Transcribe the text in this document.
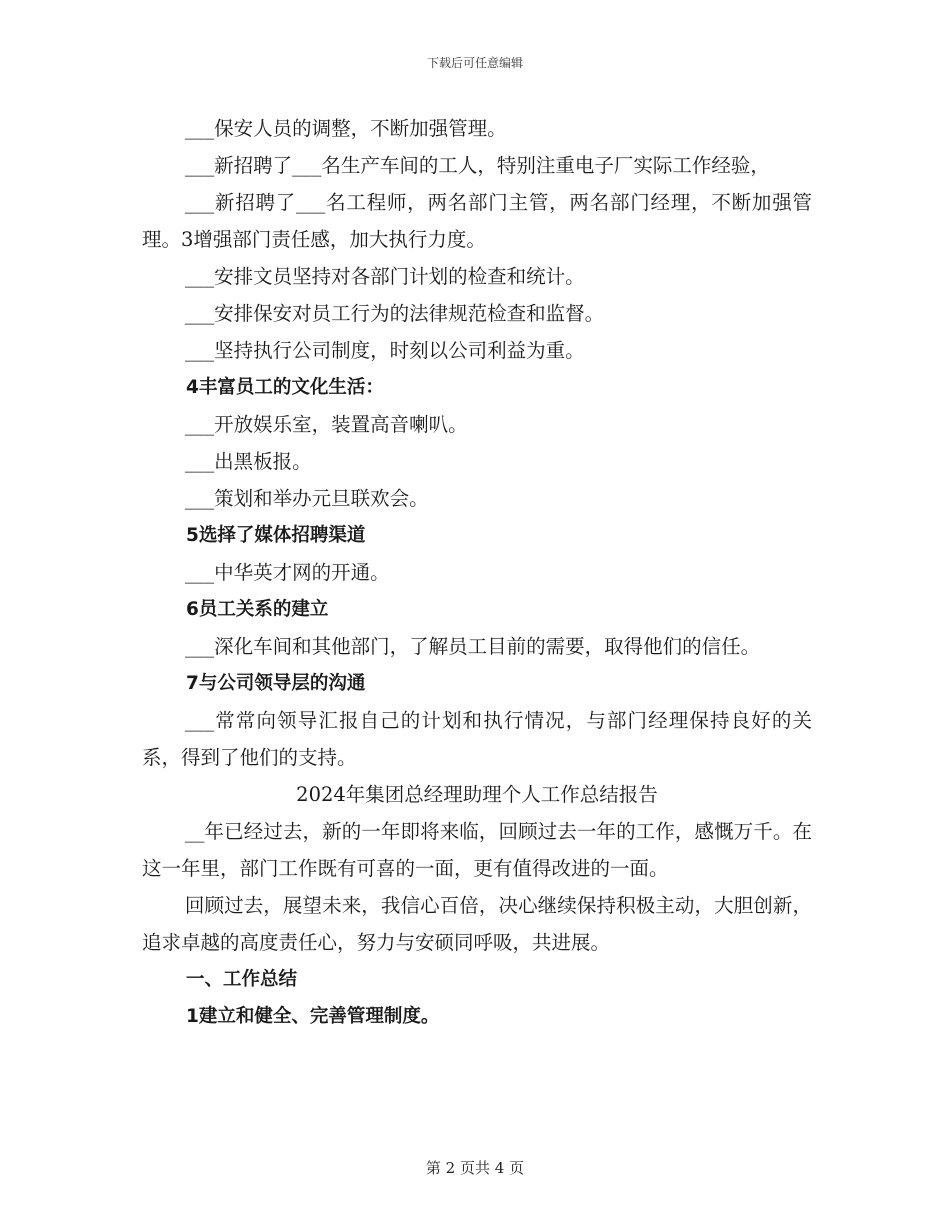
下载后可任意编辑

___保安人员的调整，不断加强管理。

___新招聘了___名生产车间的工人，特别注重电子厂实际工作经验，

___新招聘了___名工程师，两名部门主管，两名部门经理，不断加强管理。3增强部门责任感，加大执行力度。

___安排文员坚持对各部门计划的检查和统计。

___安排保安对员工行为的法律规范检查和监督。

___坚持执行公司制度，时刻以公司利益为重。

4丰富员工的文化生活：

___开放娱乐室，装置高音喇叭。

___出黑板报。

___策划和举办元旦联欢会。

5选择了媒体招聘渠道

___中华英才网的开通。

6员工关系的建立

___深化车间和其他部门，了解员工目前的需要，取得他们的信任。

7与公司领导层的沟通

___常常向领导汇报自己的计划和执行情况，与部门经理保持良好的关系，得到了他们的支持。

2024年集团总经理助理个人工作总结报告

__年已经过去，新的一年即将来临，回顾过去一年的工作，感慨万千。在这一年里，部门工作既有可喜的一面，更有值得改进的一面。

回顾过去，展望未来，我信心百倍，决心继续保持积极主动，大胆创新，追求卓越的高度责任心，努力与安硕同呼吸，共进展。

一、工作总结

1建立和健全、完善管理制度。

第 2 页共 4 页
